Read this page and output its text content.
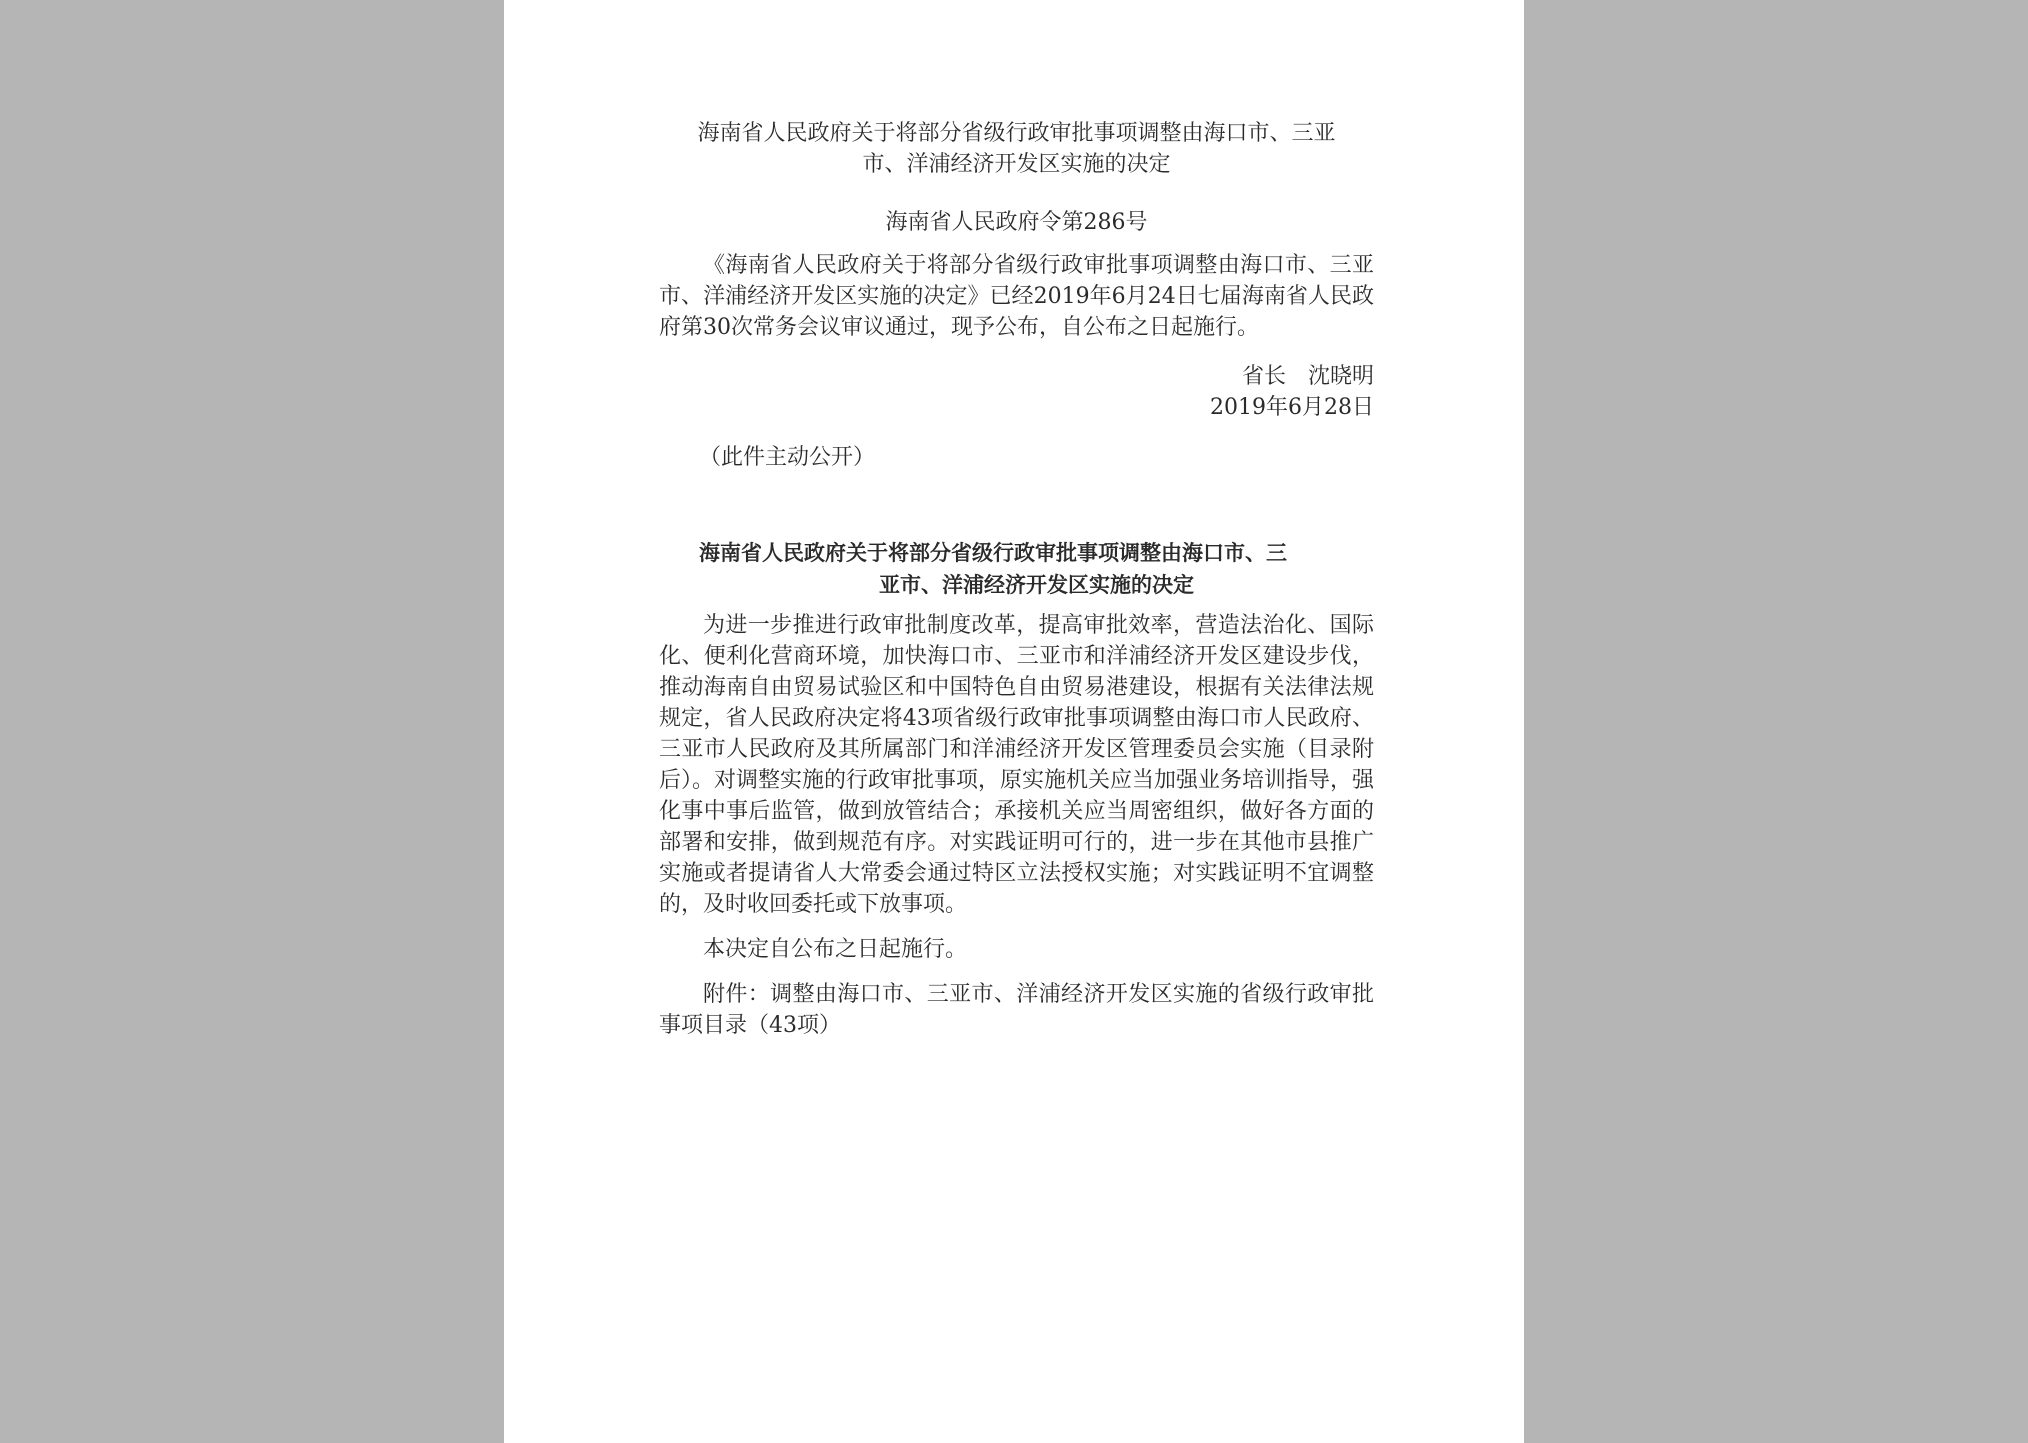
海南省人民政府关于将部分省级行政审批事项调整由海口市、三亚
市、洋浦经济开发区实施的决定
海南省人民政府令第286号

《海南省人民政府关于将部分省级行政审批事项调整由海口市、三亚市、洋浦经济开发区实施的决定》已经2019年6月24日七届海南省人民政府第30次常务会议审议通过，现予公布，自公布之日起施行。

省长　沈晓明
2019年6月28日
（此件主动公开）
海南省人民政府关于将部分省级行政审批事项调整由海口市、三
亚市、洋浦经济开发区实施的决定

为进一步推进行政审批制度改革，提高审批效率，营造法治化、国际化、便利化营商环境，加快海口市、三亚市和洋浦经济开发区建设步伐，推动海南自由贸易试验区和中国特色自由贸易港建设，根据有关法律法规规定，省人民政府决定将43项省级行政审批事项调整由海口市人民政府、三亚市人民政府及其所属部门和洋浦经济开发区管理委员会实施（目录附后）。对调整实施的行政审批事项，原实施机关应当加强业务培训指导，强化事中事后监管，做到放管结合；承接机关应当周密组织，做好各方面的部署和安排，做到规范有序。对实践证明可行的，进一步在其他市县推广实施或者提请省人大常委会通过特区立法授权实施；对实践证明不宜调整的，及时收回委托或下放事项。

本决定自公布之日起施行。

附件：调整由海口市、三亚市、洋浦经济开发区实施的省级行政审批事项目录（43项）
